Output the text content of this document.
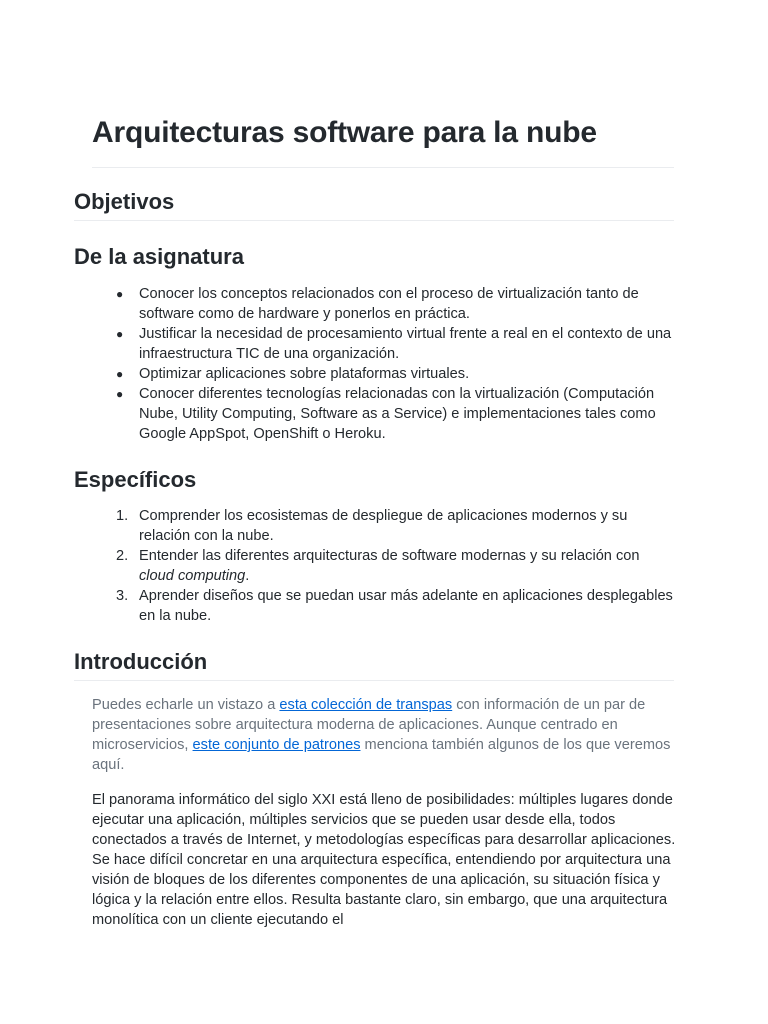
Arquitecturas software para la nube
Objetivos
De la asignatura
● Conocer los conceptos relacionados con el proceso de virtualización tanto de software como de hardware y ponerlos en práctica.
● Justificar la necesidad de procesamiento virtual frente a real en el contexto de una infraestructura TIC de una organización.
● Optimizar aplicaciones sobre plataformas virtuales.
● Conocer diferentes tecnologías relacionadas con la virtualización (Computación Nube, Utility Computing, Software as a Service) e implementaciones tales como Google AppSpot, OpenShift o Heroku.
Específicos
1. Comprender los ecosistemas de despliegue de aplicaciones modernos y su relación con la nube.
2. Entender las diferentes arquitecturas de software modernas y su relación con cloud computing.
3. Aprender diseños que se puedan usar más adelante en aplicaciones desplegables en la nube.
Introducción

Puedes echarle un vistazo a esta colección de transpas con información de un par de presentaciones sobre arquitectura moderna de aplicaciones. Aunque centrado en microservicios, este conjunto de patrones menciona también algunos de los que veremos aquí.

El panorama informático del siglo XXI está lleno de posibilidades: múltiples lugares donde ejecutar una aplicación, múltiples servicios que se pueden usar desde ella, todos conectados a través de Internet, y metodologías específicas para desarrollar aplicaciones. Se hace difícil concretar en una arquitectura específica, entendiendo por arquitectura una visión de bloques de los diferentes componentes de una aplicación, su situación física y lógica y la relación entre ellos. Resulta bastante claro, sin embargo, que una arquitectura monolítica con un cliente ejecutando el
